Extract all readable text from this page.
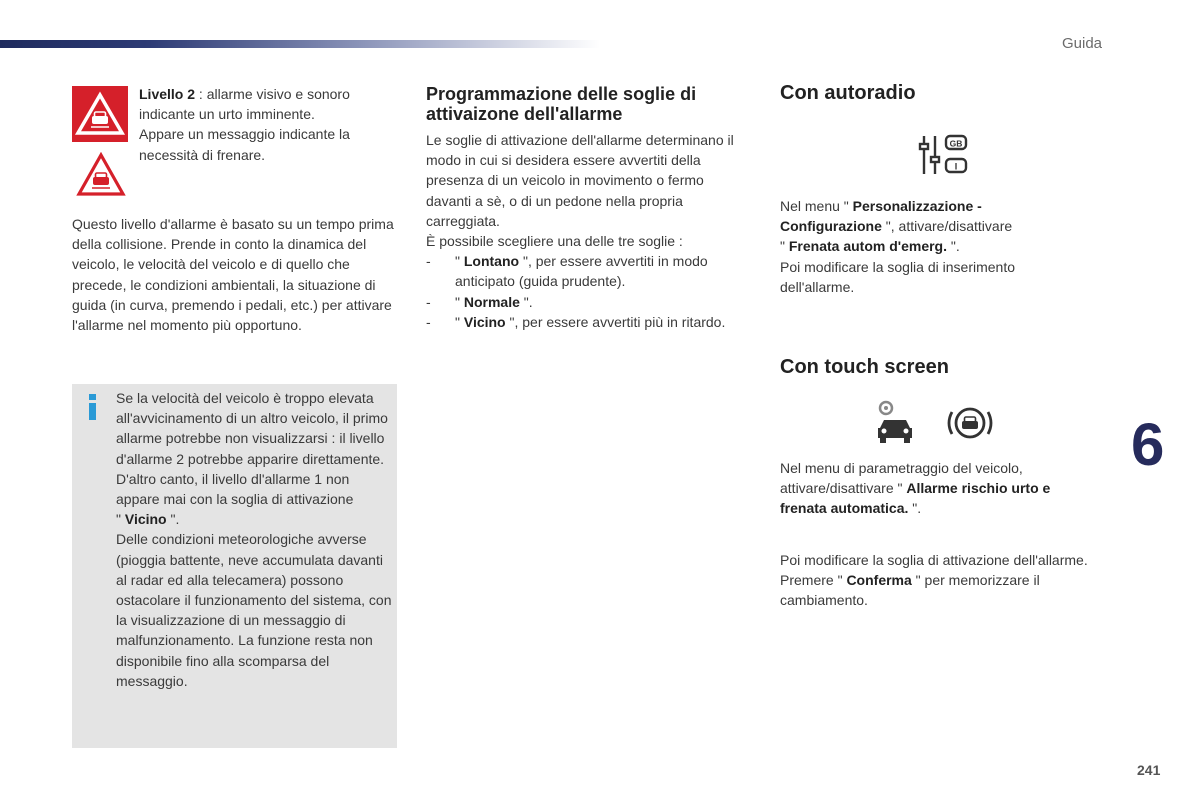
Guida

Livello 2 : allarme visivo e sonoro indicante un urto imminente.

Appare un messaggio indicante la necessità di frenare.

Questo livello d'allarme è basato su un tempo prima della collisione. Prende in conto la dinamica del veicolo, le velocità del veicolo e di quello che precede, le condizioni ambientali, la situazione di guida (in curva, premendo i pedali, etc.) per attivare l'allarme nel momento più opportuno.

Se la velocità del veicolo è troppo elevata all'avvicinamento di un altro veicolo, il primo allarme potrebbe non visualizzarsi : il livello d'allarme 2 potrebbe apparire direttamente.

D'altro canto, il livello dl'allarme 1 non appare mai con la soglia di attivazione
" Vicino ".

Delle condizioni meteorologiche avverse (pioggia battente, neve accumulata davanti al radar ed alla telecamera) possono ostacolare il funzionamento del sistema, con la visualizzazione di un messaggio di malfunzionamento. La funzione resta non disponibile fino alla scomparsa del messaggio.

Programmazione delle soglie di attivaizone dell'allarme

Le soglie di attivazione dell'allarme determinano il modo in cui si desidera essere avvertiti della presenza di un veicolo in movimento o fermo davanti a sè, o di un pedone nella propria carreggiata.

È possibile scegliere una delle tre soglie :

- " Lontano ", per essere avvertiti in modo anticipato (guida prudente).
- " Normale ".
- " Vicino ", per essere avvertiti più in ritardo.
Con autoradio
GB
I

Nel menu " Personalizzazione - Configurazione ", attivare/disattivare
" Frenata autom d'emerg. ".

Poi modificare la soglia di inserimento dell'allarme.

Con touch screen

Nel menu di parametraggio del veicolo, attivare/disattivare " Allarme rischio urto e frenata automatica. ".

Poi modificare la soglia di attivazione dell'allarme.

Premere " Conferma " per memorizzare il cambiamento.

6
241
